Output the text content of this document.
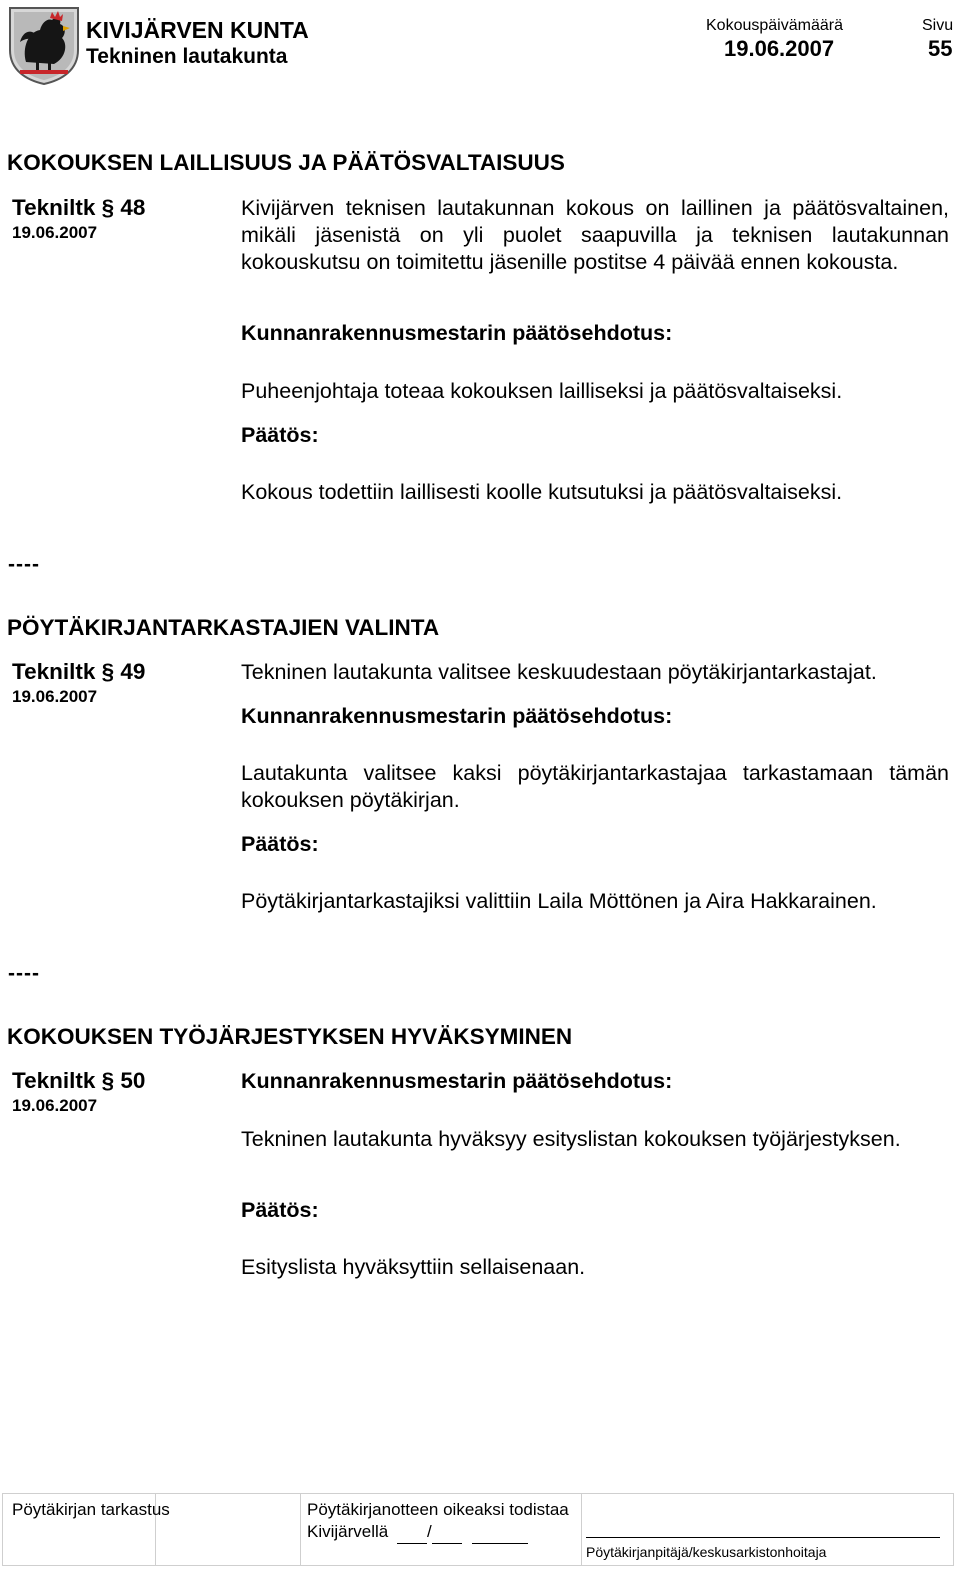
KIVIJÄRVEN KUNTA
Tekninen lautakunta
Kokouspäivämäärä
19.06.2007
Sivu
55
KOKOUKSEN LAILLISUUS JA PÄÄTÖSVALTAISUUS
Tekniltk § 48
19.06.2007
Kivijärven teknisen lautakunnan kokous on laillinen ja päätösvaltainen, mikäli jäsenistä on yli puolet saapuvilla ja teknisen lautakunnan kokouskutsu on toimitettu jäsenille postitse 4 päivää ennen kokousta.
Kunnanrakennusmestarin päätösehdotus:
Puheenjohtaja toteaa kokouksen lailliseksi ja päätösvaltaiseksi.
Päätös:
Kokous todettiin laillisesti koolle kutsutuksi ja päätösvaltaiseksi.
----
PÖYTÄKIRJANTARKASTAJIEN VALINTA
Tekniltk § 49
19.06.2007
Tekninen lautakunta valitsee keskuudestaan pöytäkirjantarkastajat.
Kunnanrakennusmestarin päätösehdotus:
Lautakunta valitsee kaksi pöytäkirjantarkastajaa tarkastamaan tämän kokouksen pöytäkirjan.
Päätös:
Pöytäkirjantarkastajiksi valittiin Laila Möttönen ja Aira Hakkarainen.
----
KOKOUKSEN TYÖJÄRJESTYKSEN HYVÄKSYMINEN
Tekniltk § 50
19.06.2007
Kunnanrakennusmestarin päätösehdotus:
Tekninen lautakunta hyväksyy esityslistan kokouksen työjärjestyksen.
Päätös:
Esityslista hyväksyttiin sellaisenaan.
Pöytäkirjan tarkastus	Pöytäkirjanotteen oikeaksi todistaa
Kivijärvellä /
Pöytäkirjanpitäjä/keskusarkistonhoitaja
